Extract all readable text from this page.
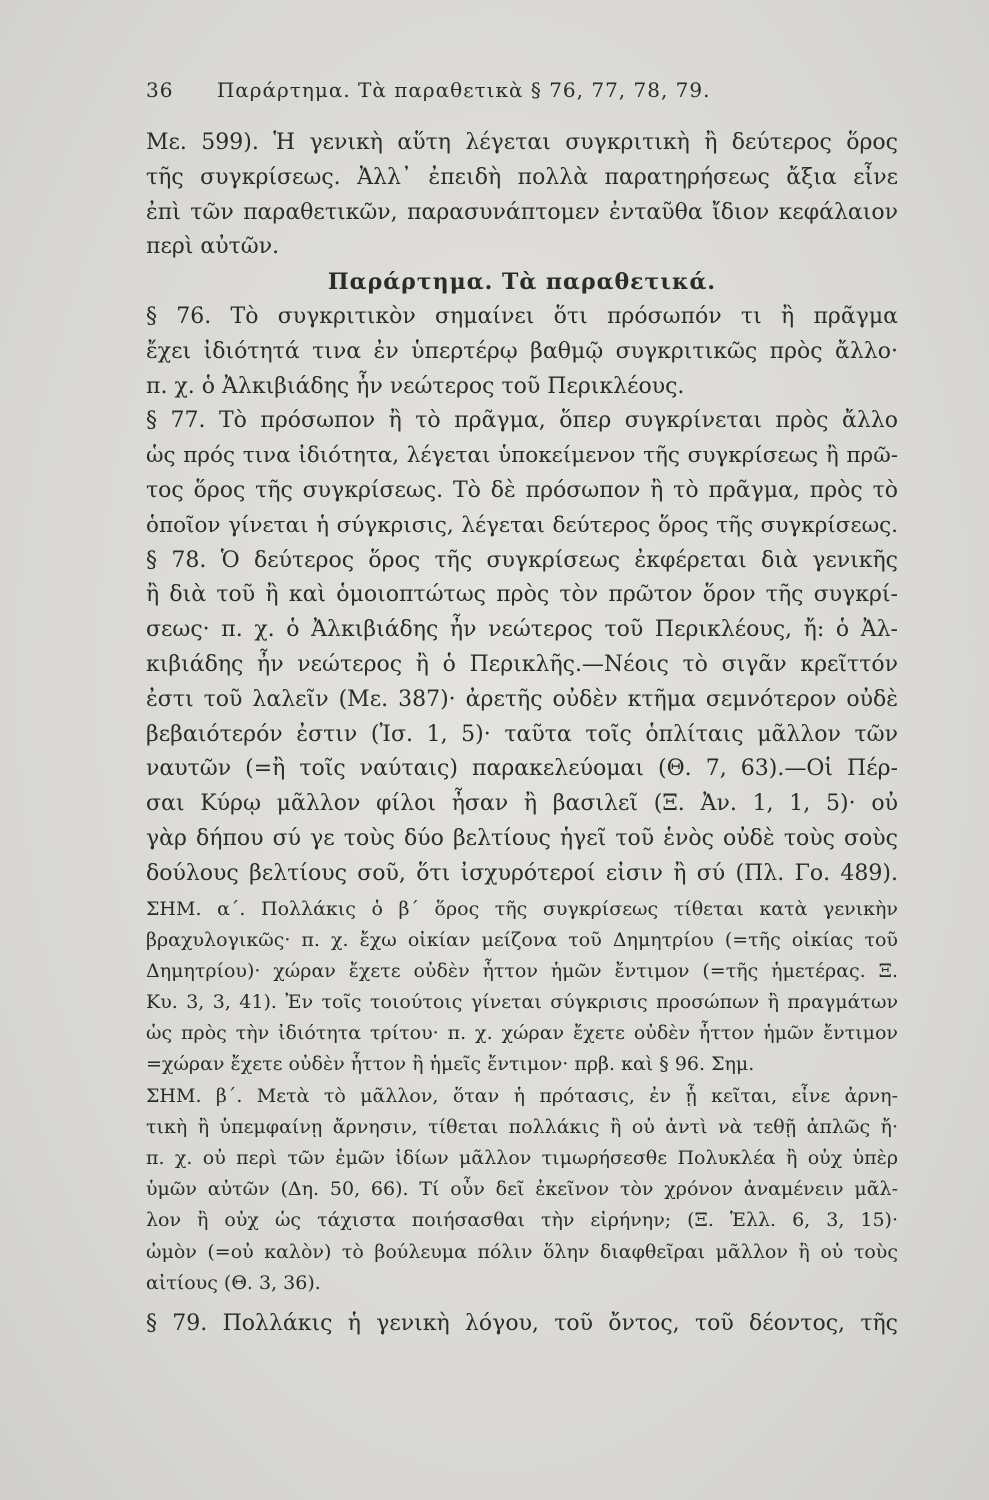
36 Παράρτημα. Τὰ παραθετικὰ § 76, 77, 78, 79.
Με. 599). Ἡ γενικὴ αὕτη λέγεται συγκριτικὴ ἢ δεύτερος ὅρος
τῆς συγκρίσεως. Ἀλλ᾽ ἐπειδὴ πολλὰ παρατηρήσεως ἄξια εἶνε
ἐπὶ τῶν παραθετικῶν, παρασυνάπτομεν ἐνταῦθα ἴδιον κεφάλαιον
περὶ αὐτῶν.
Παράρτημα. Τὰ παραθετικά.
§ 76. Τὸ συγκριτικὸν σημαίνει ὅτι πρόσωπόν τι ἢ πρᾶγμα
ἔχει ἰδιότητά τινα ἐν ὑπερτέρῳ βαθμῷ συγκριτικῶς πρὸς ἄλλο·
π. χ. ὁ Ἀλκιβιάδης ἦν νεώτερος τοῦ Περικλέους.
§ 77. Τὸ πρόσωπον ἢ τὸ πρᾶγμα, ὅπερ συγκρίνεται πρὸς ἄλλο
ὡς πρός τινα ἰδιότητα, λέγεται ὑποκείμενον τῆς συγκρίσεως ἢ πρῶ-
τος ὅρος τῆς συγκρίσεως. Τὸ δὲ πρόσωπον ἢ τὸ πρᾶγμα, πρὸς τὸ
ὁποῖον γίνεται ἡ σύγκρισις, λέγεται δεύτερος ὅρος τῆς συγκρίσεως.
§ 78. Ὁ δεύτερος ὅρος τῆς συγκρίσεως ἐκφέρεται διὰ γενικῆς
ἢ διὰ τοῦ ἢ καὶ ὁμοιοπτώτως πρὸς τὸν πρῶτον ὅρον τῆς συγκρί-
σεως· π. χ. ὁ Ἀλκιβιάδης ἦν νεώτερος τοῦ Περικλέους, ἤ: ὁ Ἀλ-
κιβιάδης ἦν νεώτερος ἢ ὁ Περικλῆς.—Νέοις τὸ σιγᾶν κρεῖττόν
ἐστι τοῦ λαλεῖν (Με. 387)· ἀρετῆς οὐδὲν κτῆμα σεμνότερον οὐδὲ
βεβαιότερόν ἐστιν (Ἰσ. 1, 5)· ταῦτα τοῖς ὁπλίταις μᾶλλον τῶν
ναυτῶν (=ἢ τοῖς ναύταις) παρακελεύομαι (Θ. 7, 63).—Οἱ Πέρ-
σαι Κύρῳ μᾶλλον φίλοι ἦσαν ἢ βασιλεῖ (Ξ. Ἀν. 1, 1, 5)· οὐ
γὰρ δήπου σύ γε τοὺς δύο βελτίους ἡγεῖ τοῦ ἑνὸς οὐδὲ τοὺς σοὺς
δούλους βελτίους σοῦ, ὅτι ἰσχυρότεροί εἰσιν ἢ σύ (Πλ. Γο. 489).
ΣΗΜ. α΄. Πολλάκις ὁ β΄ ὅρος τῆς συγκρίσεως τίθεται κατὰ γενικὴν
βραχυλογικῶς· π. χ. ἔχω οἰκίαν μείζονα τοῦ Δημητρίου (=τῆς οἰκίας τοῦ
Δημητρίου)· χώραν ἔχετε οὐδὲν ἧττον ἡμῶν ἔντιμον (=τῆς ἡμετέρας. Ξ.
Κυ. 3, 3, 41). Ἐν τοῖς τοιούτοις γίνεται σύγκρισις προσώπων ἢ πραγμάτων
ὡς πρὸς τὴν ἰδιότητα τρίτου· π. χ. χώραν ἔχετε οὐδὲν ἧττον ἡμῶν ἔντιμον
=χώραν ἔχετε οὐδὲν ἧττον ἢ ἡμεῖς ἔντιμον· πρβ. καὶ § 96. Σημ.
ΣΗΜ. β΄. Μετὰ τὸ μᾶλλον, ὅταν ἡ πρότασις, ἐν ᾗ κεῖται, εἶνε ἀρνη-
τικὴ ἢ ὑπεμφαίνῃ ἄρνησιν, τίθεται πολλάκις ἢ οὐ ἀντὶ νὰ τεθῇ ἁπλῶς ἤ·
π. χ. οὐ περὶ τῶν ἐμῶν ἰδίων μᾶλλον τιμωρήσεσθε Πολυκλέα ἢ οὐχ ὑπὲρ
ὑμῶν αὐτῶν (Δη. 50, 66). Τί οὖν δεῖ ἐκεῖνον τὸν χρόνον ἀναμένειν μᾶλ-
λον ἢ οὐχ ὡς τάχιστα ποιήσασθαι τὴν εἰρήνην; (Ξ. Ἑλλ. 6, 3, 15)·
ὠμὸν (=οὐ καλὸν) τὸ βούλευμα πόλιν ὅλην διαφθεῖραι μᾶλλον ἢ οὐ τοὺς
αἰτίους (Θ. 3, 36).
§ 79. Πολλάκις ἡ γενικὴ λόγου, τοῦ ὄντος, τοῦ δέοντος, τῆς
